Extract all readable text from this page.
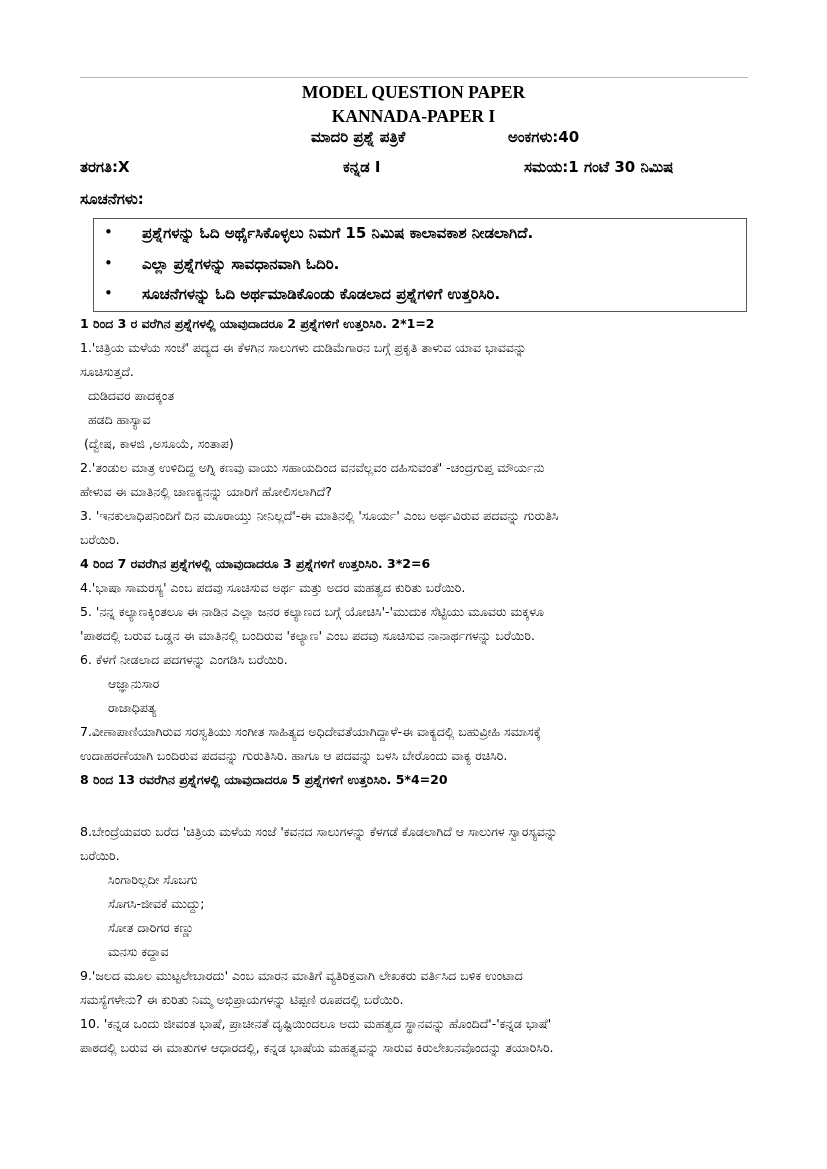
MODEL QUESTION PAPER
KANNADA-PAPER I
ಮಾದರಿ ಪ್ರಶ್ನೆ ಪತ್ರಿಕೆ	ಅಂಕಗಳು:40
ತರಗತಿ:X	ಕನ್ನಡ I	ಸಮಯ:1 ಗಂಟೆ 30 ನಿಮಿಷ
ಸೂಚನೆಗಳು:
• ಪ್ರಶ್ನೆಗಳನ್ನು ಓದಿ ಅರ್ಥೈಸಿಕೊಳ್ಳಲು ನಿಮಗೆ 15 ನಿಮಿಷ ಕಾಲಾವಕಾಶ ನೀಡಲಾಗಿದೆ.
• ಎಲ್ಲಾ ಪ್ರಶ್ನೆಗಳನ್ನು ಸಾವಧಾನವಾಗಿ ಓದಿರಿ.
• ಸೂಚನೆಗಳನ್ನು ಓದಿ ಅರ್ಥಮಾಡಿಕೊಂಡು ಕೊಡಲಾದ ಪ್ರಶ್ನೆಗಳಿಗೆ ಉತ್ತರಿಸಿರಿ.
1 ರಿಂದ 3 ರ ವರೆಗಿನ ಪ್ರಶ್ನೆಗಳಲ್ಲಿ ಯಾವುದಾದರೂ 2 ಪ್ರಶ್ನೆಗಳಿಗೆ ಉತ್ತರಿಸಿರಿ. 2*1=2
1.'ಚಿತ್ರಿಯ ಮಳೆಯ ಸಂಜೆ' ಪದ್ಯದ ಈ ಕೆಳಗಿನ ಸಾಲುಗಳು ದುಡಿಮೆಗಾರನ ಬಗ್ಗೆ ಪ್ರಕೃತಿ ತಾಳುವ ಯಾವ ಭಾವವನ್ನು
ಸೂಚಿಸುತ್ತದೆ.
ದುಡಿದವರ ಪಾದಕ್ಕಂತ
ಹಡದಿ ಹಾಸ್ಯಾವ
(ದ್ವೇಷ, ಕಾಳಜಿ ,ಅಸೂಯೆ, ಸಂತಾಪ)
2.'ತಂಡುಲ ಮಾತ್ರ ಉಳಿದಿದ್ದ ಅಗ್ನಿ ಕಣವು ವಾಯು ಸಹಾಯದಿಂದ ವನವೆಲ್ಲವಂ ದಹಿಸುವಂತೆ' -ಚಂದ್ರಗುಪ್ತ ಮೌರ್ಯನು
ಹೇಳುವ ಈ ಮಾತಿನಲ್ಲಿ ಚಾಣಕ್ಯನನ್ನು ಯಾರಿಗೆ ಹೋಲಿಸಲಾಗಿದೆ?
3. 'ಇನಕುಲಾಧಿಪನಿಂದಿಗೆ ದಿನ ಮೂರಾಯ್ತು ನೀನಿಲ್ಲದೆ'-ಈ ಮಾತಿನಲ್ಲಿ 'ಸೂರ್ಯ' ಎಂಬ ಅರ್ಥವಿರುವ ಪದವನ್ನು ಗುರುತಿಸಿ
ಬರೆಯಿರಿ.
4 ರಿಂದ 7 ರವರೆಗಿನ ಪ್ರಶ್ನೆಗಳಲ್ಲಿ ಯಾವುದಾದರೂ 3 ಪ್ರಶ್ನೆಗಳಿಗೆ ಉತ್ತರಿಸಿರಿ. 3*2=6
4.'ಭಾಷಾ ಸಾಮರಸ್ಯ' ಎಂಬ ಪದವು ಸೂಚಿಸುವ ಅರ್ಥ ಮತ್ತು ಅದರ ಮಹತ್ವದ ಕುರಿತು ಬರೆಯಿರಿ.
5. 'ನನ್ನ ಕಲ್ಯಾಣಕ್ಕಿಂತಲೂ ಈ ನಾಡಿನ ಎಲ್ಲಾ ಜನರ ಕಲ್ಯಾಣದ ಬಗ್ಗೆ ಯೋಚಿಸಿ'-'ಮುದುಕ ಸೆಟ್ಟಿಯು ಮೂವರು ಮಕ್ಕಳೂ
'ಪಾಠದಲ್ಲಿ ಬರುವ ಒಡ್ಡನ ಈ ಮಾತಿನಲ್ಲಿ ಬಂದಿರುವ 'ಕಲ್ಯಾಣ' ಎಂಬ ಪದವು ಸೂಚಿಸುವ ನಾನಾರ್ಥಗಳನ್ನು ಬರೆಯಿರಿ.
6. ಕೆಳಗೆ ನೀಡಲಾದ ಪದಗಳನ್ನು ಎಂಗಡಿಸಿ ಬರೆಯಿರಿ.
ಆಜ್ಞಾನುಸಾರ
ರಾಜಾಧಿಪತ್ಯ
7.ವೀಣಾಪಾಣಿಯಾಗಿರುವ ಸರಸ್ವತಿಯು ಸಂಗೀತ ಸಾಹಿತ್ಯದ ಅಧಿದೇವತೆಯಾಗಿದ್ದಾಳೆ-ಈ ವಾಕ್ಯದಲ್ಲಿ ಬಹುವ್ರೀಹಿ ಸಮಾಸಕ್ಕೆ
ಉದಾಹರಣೆಯಾಗಿ ಬಂದಿರುವ ಪದವನ್ನು ಗುರುತಿಸಿರಿ. ಹಾಗೂ ಆ ಪದವನ್ನು ಬಳಸಿ ಬೇರೊಂದು ವಾಕ್ಯ ರಚಿಸಿರಿ.
8 ರಿಂದ 13 ರವರೆಗಿನ ಪ್ರಶ್ನೆಗಳಲ್ಲಿ ಯಾವುದಾದರೂ 5 ಪ್ರಶ್ನೆಗಳಿಗೆ ಉತ್ತರಿಸಿರಿ. 5*4=20
8.ಬೇಂದ್ರೆಯವರು ಬರೆದ 'ಚಿತ್ರಿಯ ಮಳೆಯ ಸಂಜೆ 'ಕವನದ ಸಾಲುಗಳನ್ನು ಕೆಳಗಡೆ ಕೊಡಲಾಗಿದೆ ಆ ಸಾಲುಗಳ ಸ್ವಾರಸ್ಯವನ್ನು
ಬರೆಯಿರಿ.
ಸಿಂಗಾರಿಲ್ಲದೀ ಸೊಬಗು
ಸೊಗಸಿ-ಜೀವಕೆ ಮುದ್ದು;
ಸೋತ ದಾರಿಗರ ಕಣ್ಣು
ಮನಸು ಕದ್ದಾವ
9.'ಜಲದ ಮೂಲ ಮುಟ್ಟಲೇಬಾರದು' ಎಂಬ ಮಾರನ ಮಾತಿಗೆ ವ್ಯತಿರಿಕ್ತವಾಗಿ ಲೇಖಕರು ವರ್ತಿಸಿದ ಬಳಿಕ ಉಂಟಾದ
ಸಮಸ್ಯೆಗಳೇನು? ಈ ಕುರಿತು ನಿಮ್ಮ ಅಭಿಪ್ರಾಯಗಳನ್ನು ಟಿಪ್ಪಣಿ ರೂಪದಲ್ಲಿ ಬರೆಯಿರಿ.
10. 'ಕನ್ನಡ ಒಂದು ಜೀವಂತ ಭಾಷೆ, ಪ್ರಾಚೀನತೆ ದೃಷ್ಟಿಯಿಂದಲೂ ಅದು ಮಹತ್ವದ ಸ್ಥಾನವನ್ನು ಹೊಂದಿದೆ'-'ಕನ್ನಡ ಭಾಷೆ'
ಪಾಠದಲ್ಲಿ ಬರುವ ಈ ಮಾತುಗಳ ಆಧಾರದಲ್ಲಿ, ಕನ್ನಡ ಭಾಷೆಯ ಮಹತ್ವವನ್ನು ಸಾರುವ ಕಿರುಲೇಖನವೊಂದನ್ನು ತಯಾರಿಸಿರಿ.
